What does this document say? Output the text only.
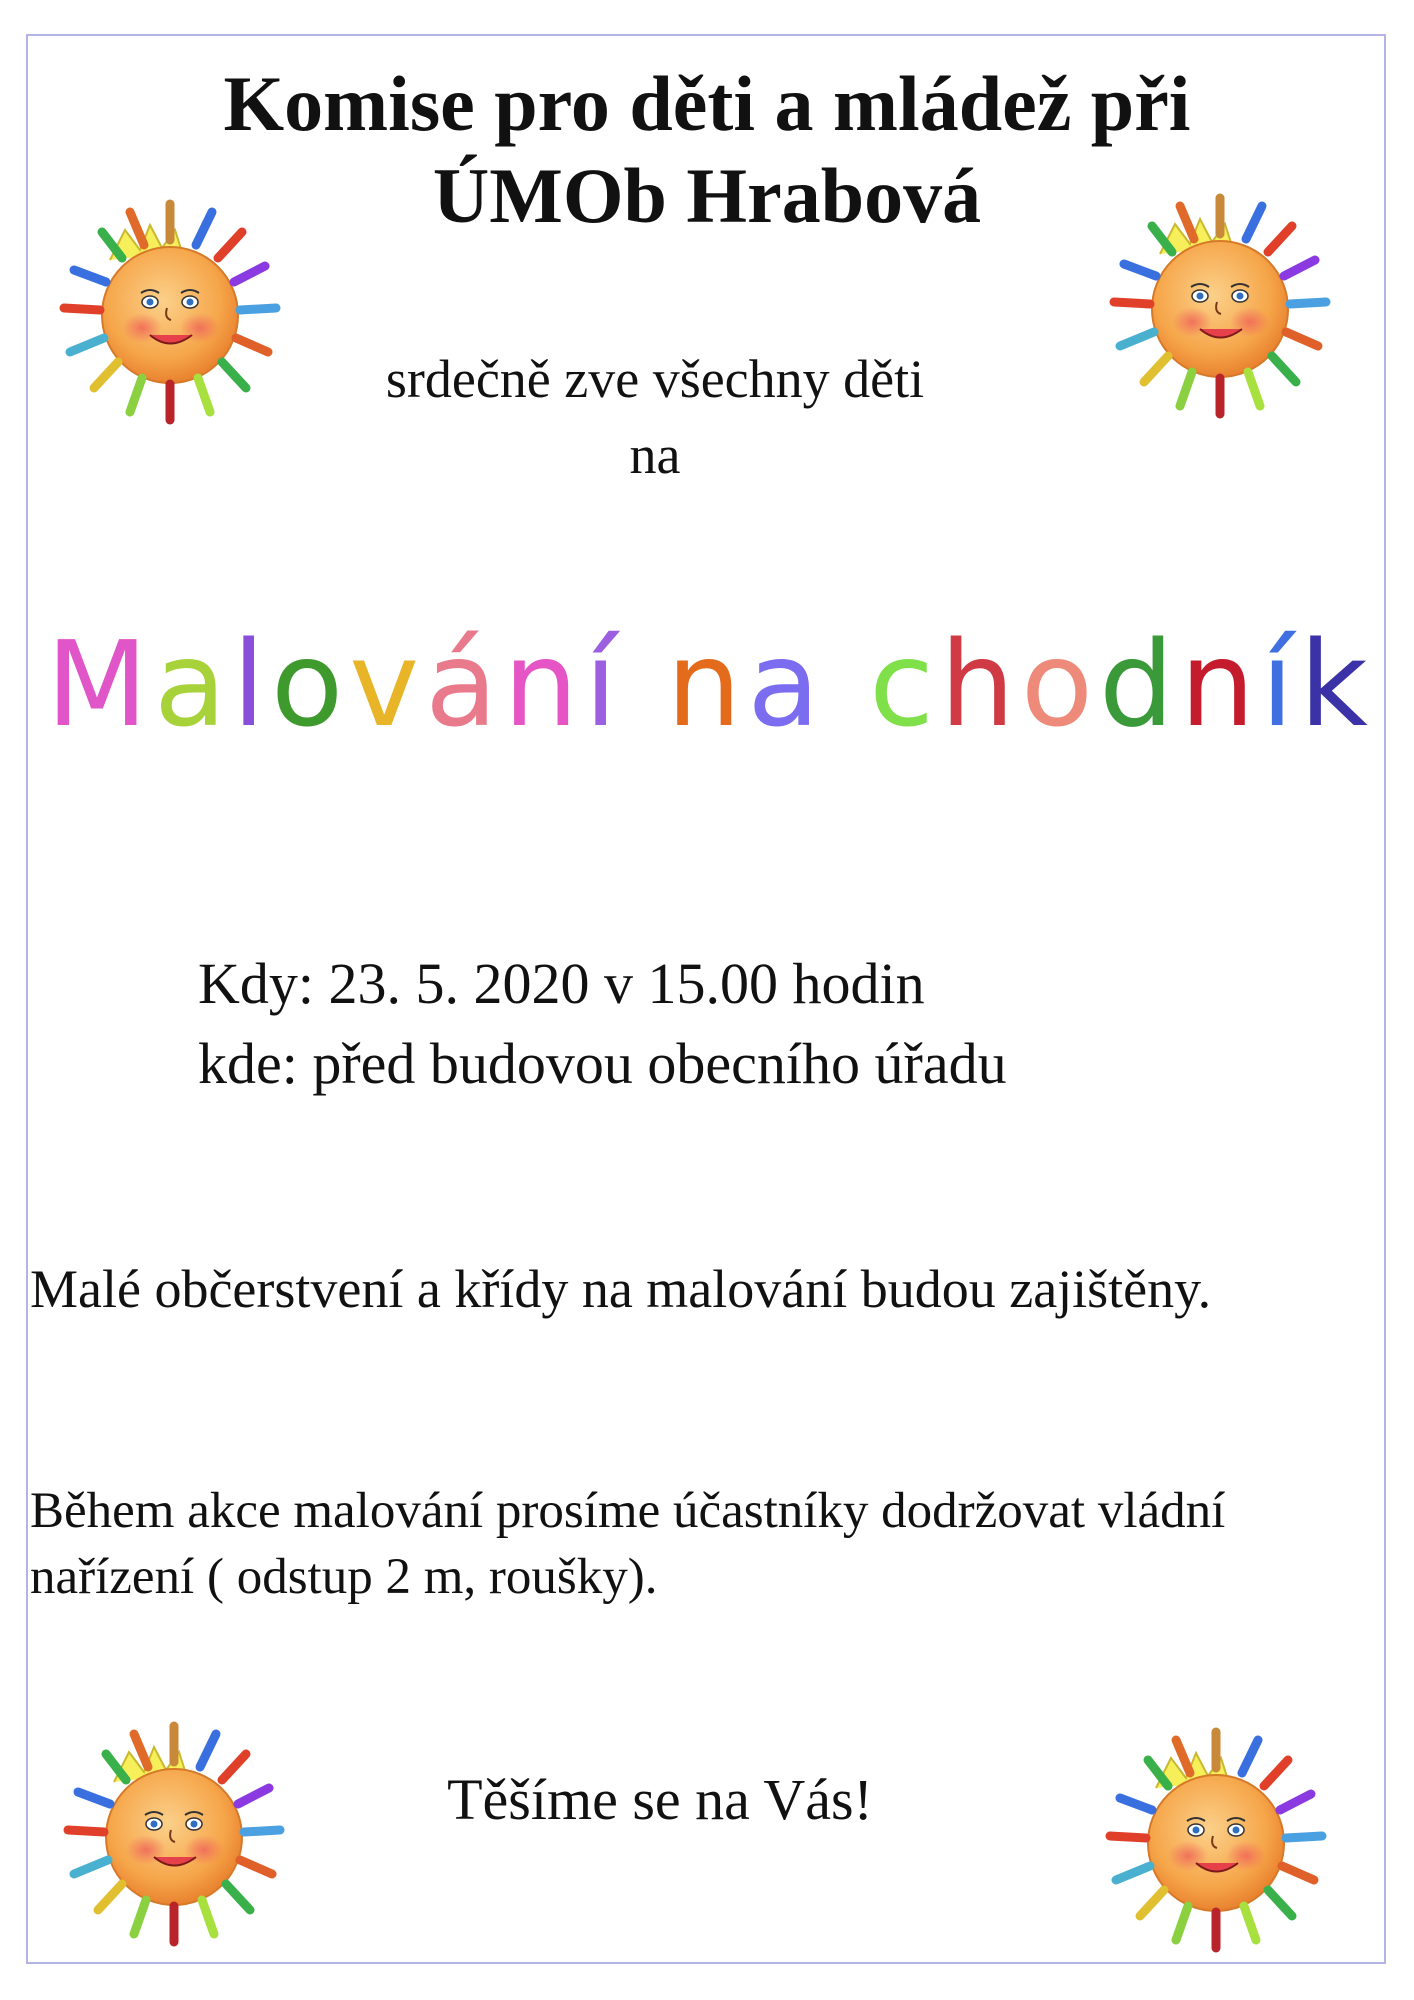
Komise pro děti a mládež při
ÚMOb Hrabová

srdečně zve všechny děti

na

Malování na chodník

Kdy: 23. 5. 2020 v 15.00 hodin

kde: před budovou obecního úřadu

Malé občerstvení a křídy na malování budou zajištěny.

Během akce malování prosíme účastníky dodržovat vládní nařízení ( odstup 2 m, roušky).

Těšíme se na Vás!
